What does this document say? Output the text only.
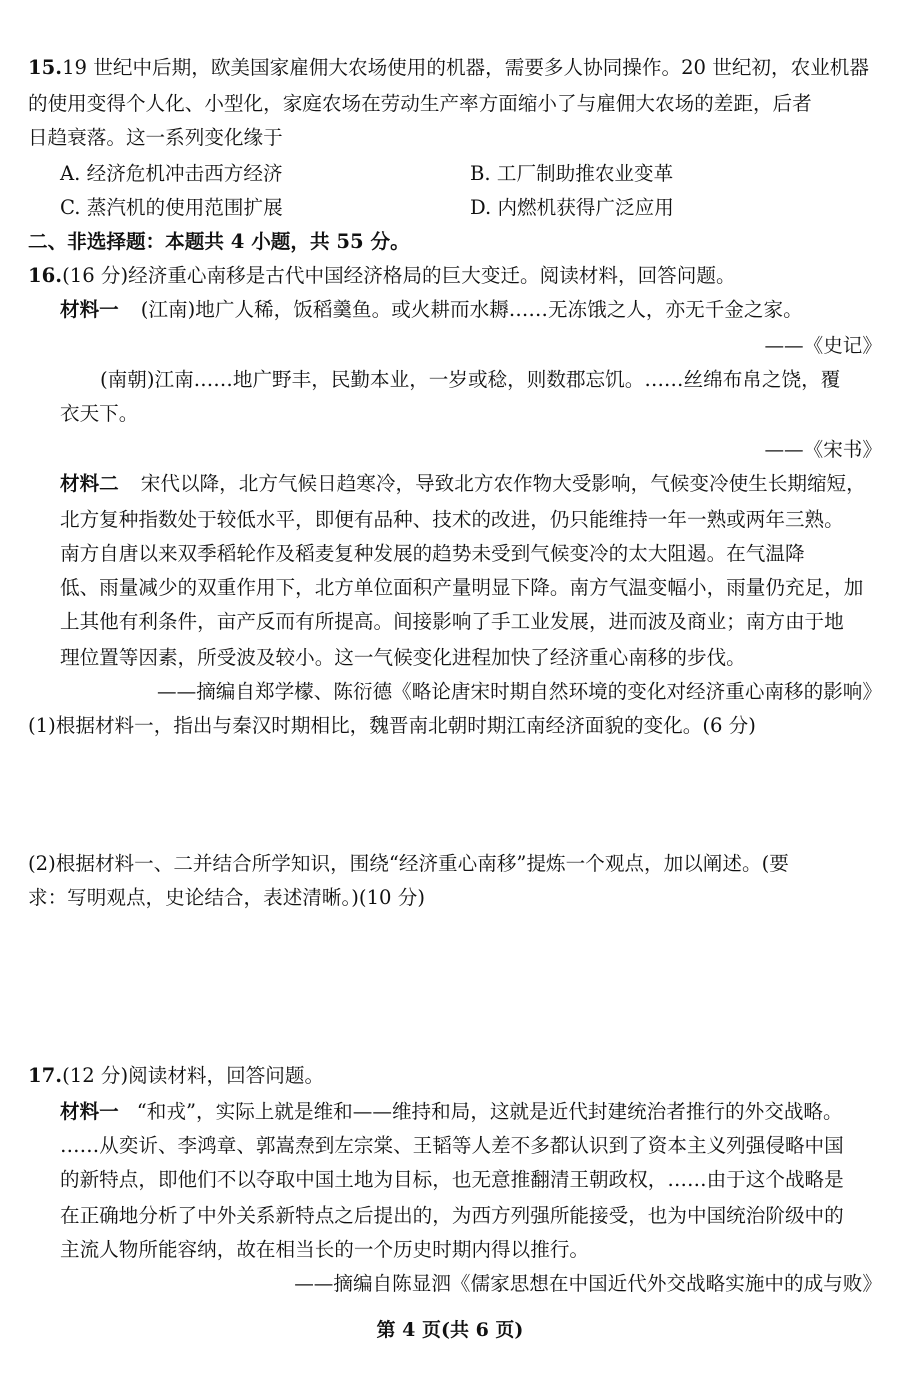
15.19 世纪中后期，欧美国家雇佣大农场使用的机器，需要多人协同操作。20 世纪初，农业机器
的使用变得个人化、小型化，家庭农场在劳动生产率方面缩小了与雇佣大农场的差距，后者
日趋衰落。这一系列变化缘于
A. 经济危机冲击西方经济	B. 工厂制助推农业变革
C. 蒸汽机的使用范围扩展	D. 内燃机获得广泛应用
二、非选择题：本题共 4 小题，共 55 分。
16.(16 分)经济重心南移是古代中国经济格局的巨大变迁。阅读材料，回答问题。
材料一 (江南)地广人稀，饭稻羹鱼。或火耕而水耨……无冻饿之人，亦无千金之家。
——《史记》
(南朝)江南……地广野丰，民勤本业，一岁或稔，则数郡忘饥。……丝绵布帛之饶，覆
衣天下。
——《宋书》
材料二 宋代以降，北方气候日趋寒冷，导致北方农作物大受影响，气候变冷使生长期缩短，
北方复种指数处于较低水平，即便有品种、技术的改进，仍只能维持一年一熟或两年三熟。
南方自唐以来双季稻轮作及稻麦复种发展的趋势未受到气候变冷的太大阻遏。在气温降
低、雨量减少的双重作用下，北方单位面积产量明显下降。南方气温变幅小，雨量仍充足，加
上其他有利条件，亩产反而有所提高。间接影响了手工业发展，进而波及商业；南方由于地
理位置等因素，所受波及较小。这一气候变化进程加快了经济重心南移的步伐。
——摘编自郑学檬、陈衍德《略论唐宋时期自然环境的变化对经济重心南移的影响》
(1)根据材料一，指出与秦汉时期相比，魏晋南北朝时期江南经济面貌的变化。(6 分)
(2)根据材料一、二并结合所学知识，围绕“经济重心南移”提炼一个观点，加以阐述。(要
求：写明观点，史论结合，表述清晰。)(10 分)
17.(12 分)阅读材料，回答问题。
材料一 “和戎”，实际上就是维和——维持和局，这就是近代封建统治者推行的外交战略。
……从奕䜣、李鸿章、郭嵩焘到左宗棠、王韬等人差不多都认识到了资本主义列强侵略中国
的新特点，即他们不以夺取中国土地为目标，也无意推翻清王朝政权，……由于这个战略是
在正确地分析了中外关系新特点之后提出的，为西方列强所能接受，也为中国统治阶级中的
主流人物所能容纳，故在相当长的一个历史时期内得以推行。
——摘编自陈显泗《儒家思想在中国近代外交战略实施中的成与败》
第 4 页(共 6 页)
